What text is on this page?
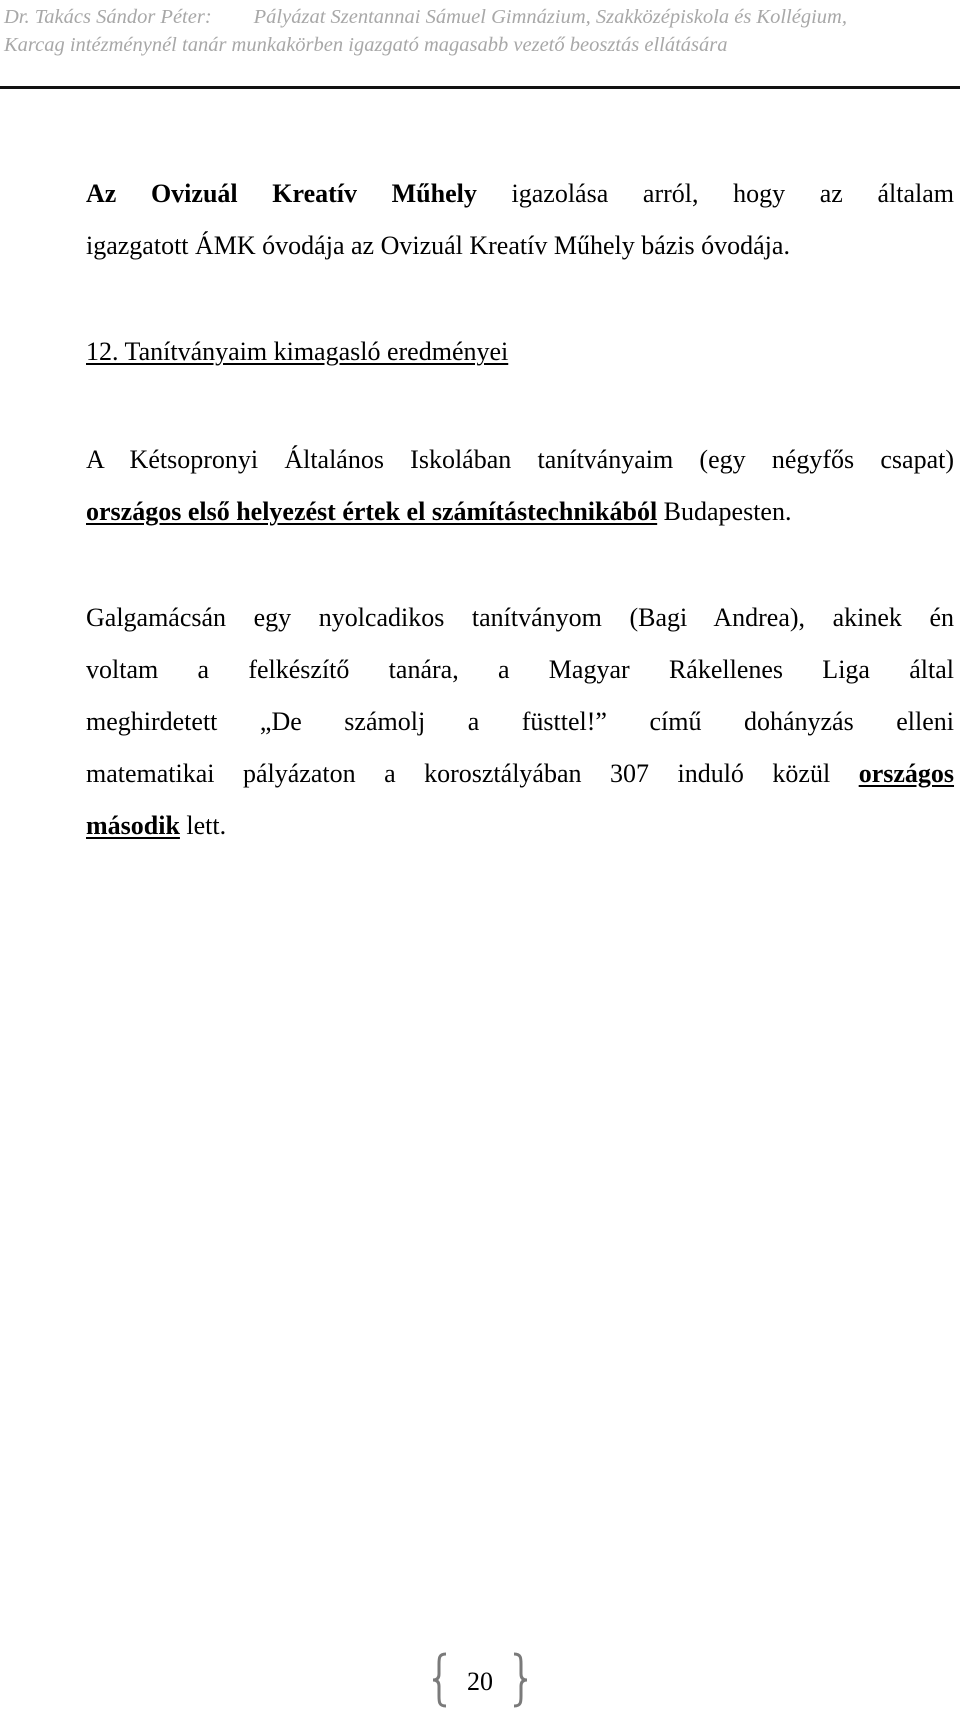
Dr. Takács Sándor Péter: Pályázat Szentannai Sámuel Gimnázium, Szakközépiskola és Kollégium,
Karcag intézménynél tanár munkakörben igazgató magasabb vezető beosztás ellátására
Az Ovizuál Kreatív Műhely igazolása arról, hogy az általam
igazgatott ÁMK óvodája az Ovizuál Kreatív Műhely bázis óvodája.
12. Tanítványaim kimagasló eredményei
A Kétsopronyi Általános Iskolában tanítványaim (egy négyfős csapat)
országos első helyezést értek el számítástechnikából Budapesten.
Galgamácsán egy nyolcadikos tanítványom (Bagi Andrea), akinek én
voltam a felkészítő tanára, a Magyar Rákellenes Liga által
meghirdetett „De számolj a füsttel!” című dohányzás elleni
matematikai pályázaton a korosztályában 307 induló közül országos
második lett.
20
